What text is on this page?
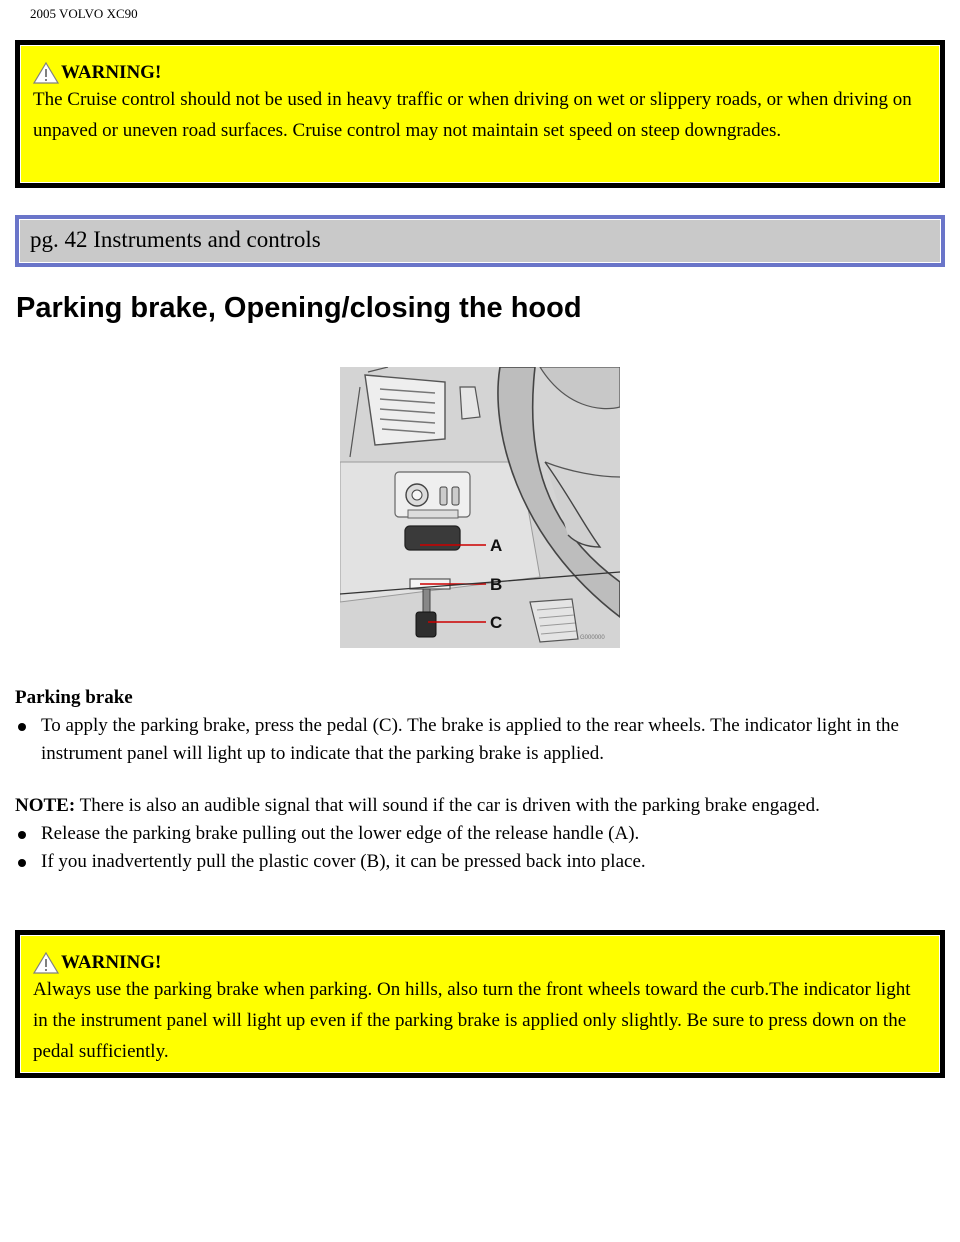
2005 VOLVO XC90
WARNING!
The Cruise control should not be used in heavy traffic or when driving on wet or slippery roads, or when driving on unpaved or uneven road surfaces. Cruise control may not maintain set speed on steep downgrades.
pg. 42 Instruments and controls
Parking brake, Opening/closing the hood
A
B
C
G000000

Parking brake

To apply the parking brake, press the pedal (C). The brake is applied to the rear wheels. The indicator light in the instrument panel will light up to indicate that the parking brake is applied.

NOTE: There is also an audible signal that will sound if the car is driven with the parking brake engaged.

Release the parking brake pulling out the lower edge of the release handle (A).
If you inadvertently pull the plastic cover (B), it can be pressed back into place.
WARNING!
Always use the parking brake when parking. On hills, also turn the front wheels toward the curb.The indicator light in the instrument panel will light up even if the parking brake is applied only slightly. Be sure to press down on the pedal sufficiently.
